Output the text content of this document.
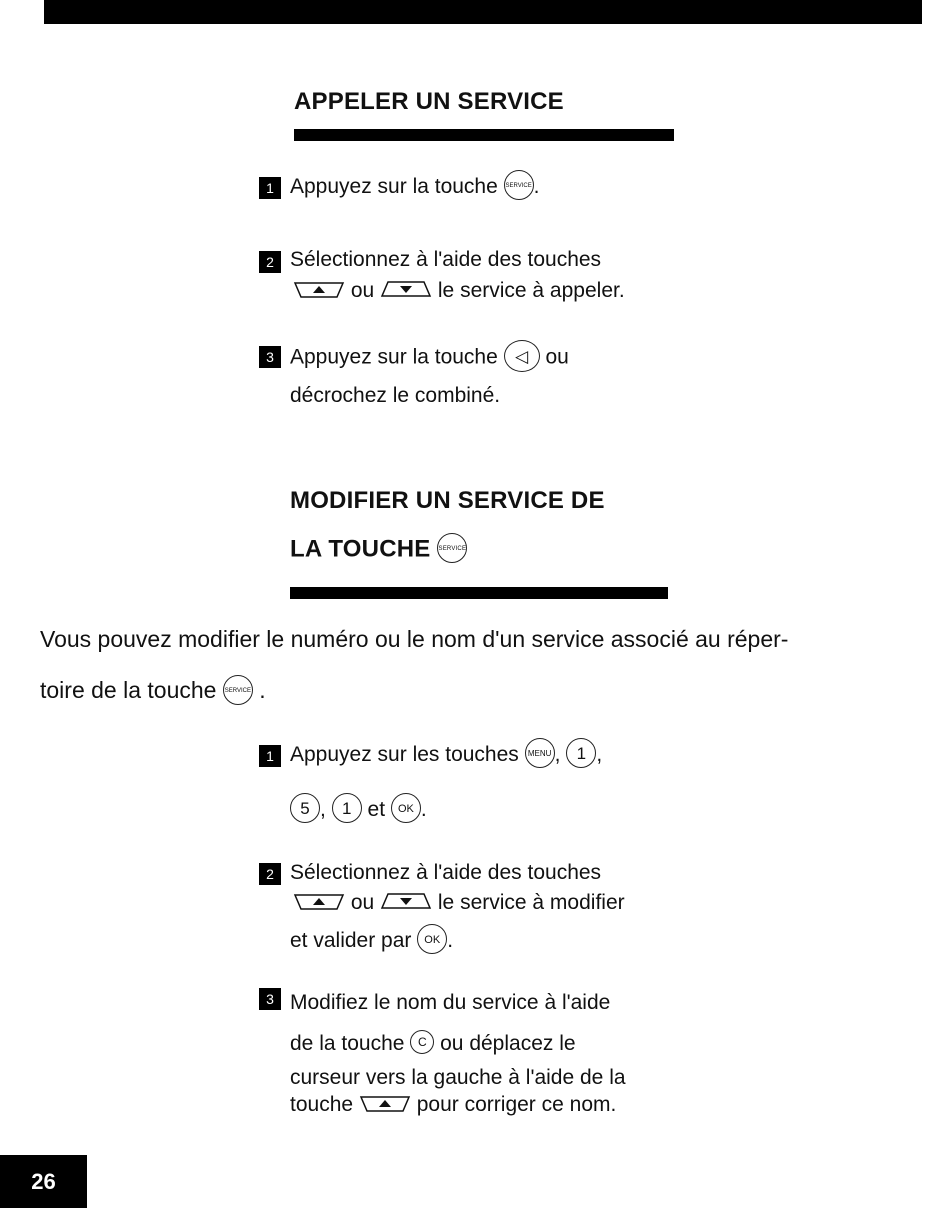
APPELER UN SERVICE
1 Appuyez sur la touche SERVICE.
2 Sélectionnez à l'aide des touches
ou	le service à appeler.
3 Appuyez sur la touche ◁ ou
décrochez le combiné.
MODIFIER UN SERVICE DE
LA TOUCHE SERVICE
Vous pouvez modifier le numéro ou le nom d'un service associé au réper-
toire de la touche SERVICE .
1 Appuyez sur les touches MENU , 1 ,
5 , 1 et OK .
2 Sélectionnez à l'aide des touches
ou	le service à modifier
et valider par OK .
3 Modifiez le nom du service à l'aide
de la touche C ou déplacez le
curseur vers la gauche à l'aide de la
touche	pour corriger ce nom.
26
